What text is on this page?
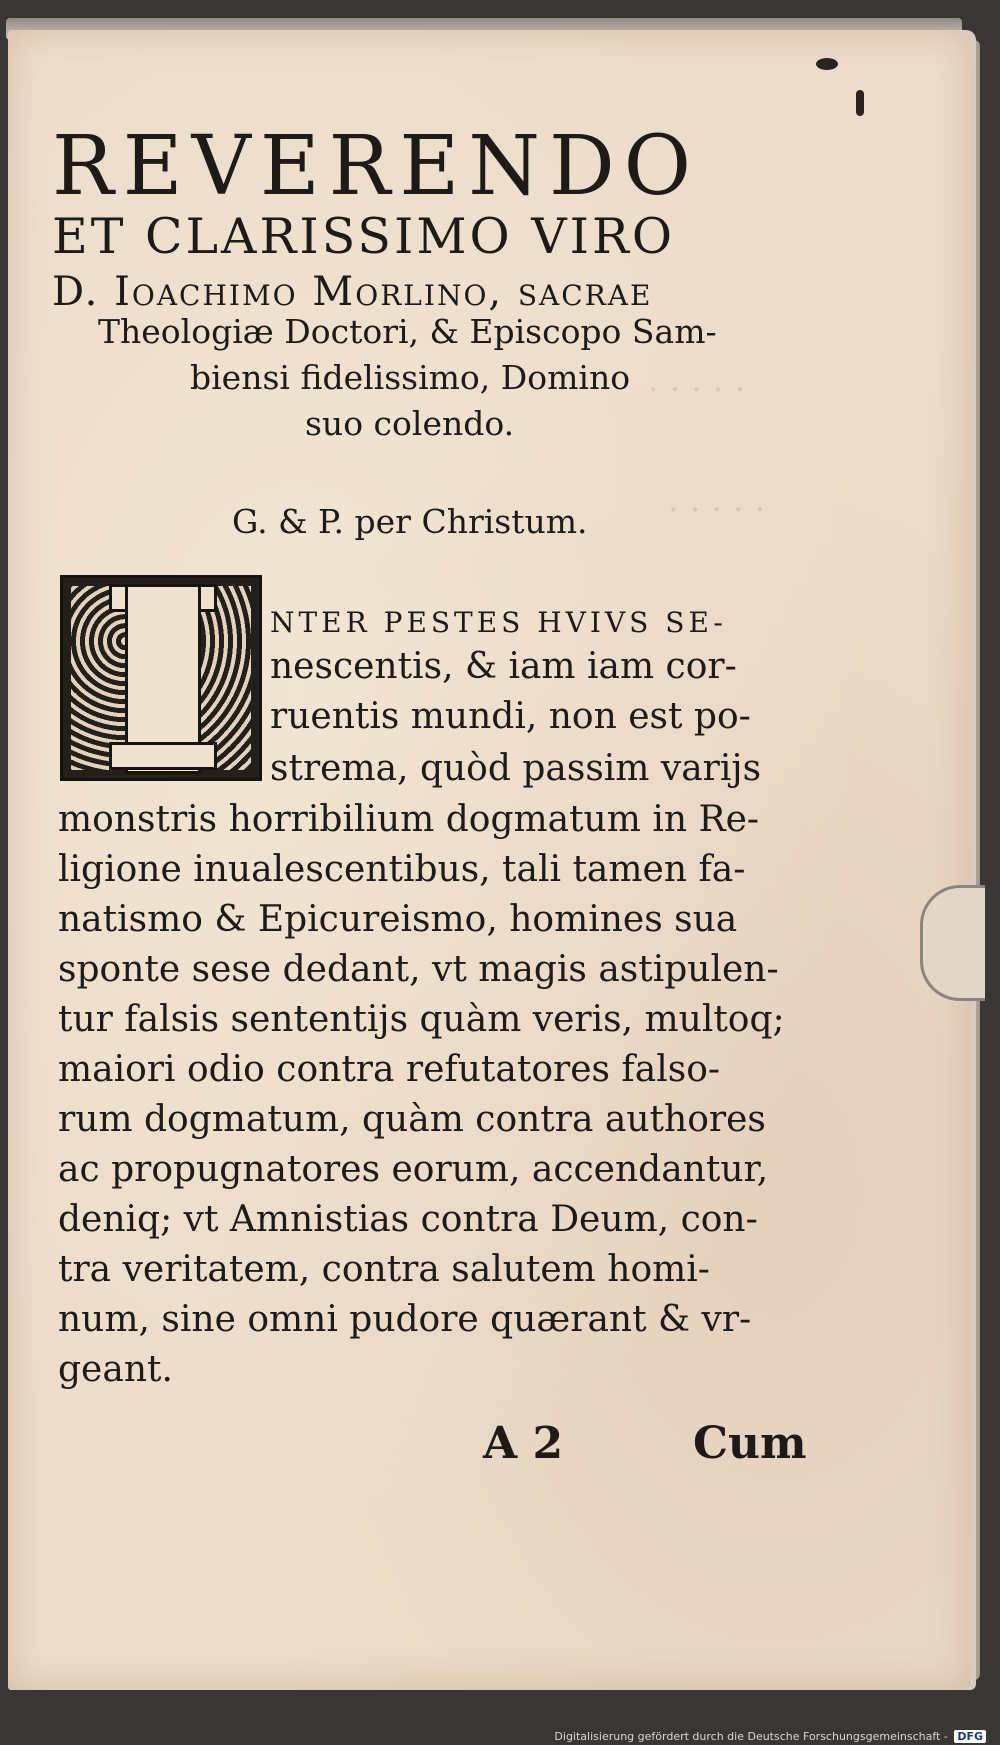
· · · · ·
· · · · ·
REVERENDO
ET CLARISSIMO VIRO
D. Ioachimo Morlino, sacrae
Theologiæ Doctori, & Episcopo Sam-
biensi fidelissimo, Domino
suo colendo.
G. & P. per Christum.
NTER PESTES HVIVS SE-
nescentis, & iam iam cor-
ruentis mundi, non est po-
strema, quòd passim varijs
monstris horribilium dogmatum in Re-
ligione inualescentibus, tali tamen fa-
natismo & Epicureismo, homines sua
sponte sese dedant, vt magis astipulen-
tur falsis sententijs quàm veris, multoq;
maiori odio contra refutatores falso-
rum dogmatum, quàm contra authores
ac propugnatores eorum, accendantur,
deniq; vt Amnistias contra Deum, con-
tra veritatem, contra salutem homi-
num, sine omni pudore quærant & vr-
geant.
A 2	Cum
Digitalisierung gefördert durch die Deutsche Forschungsgemeinschaft - DFG
